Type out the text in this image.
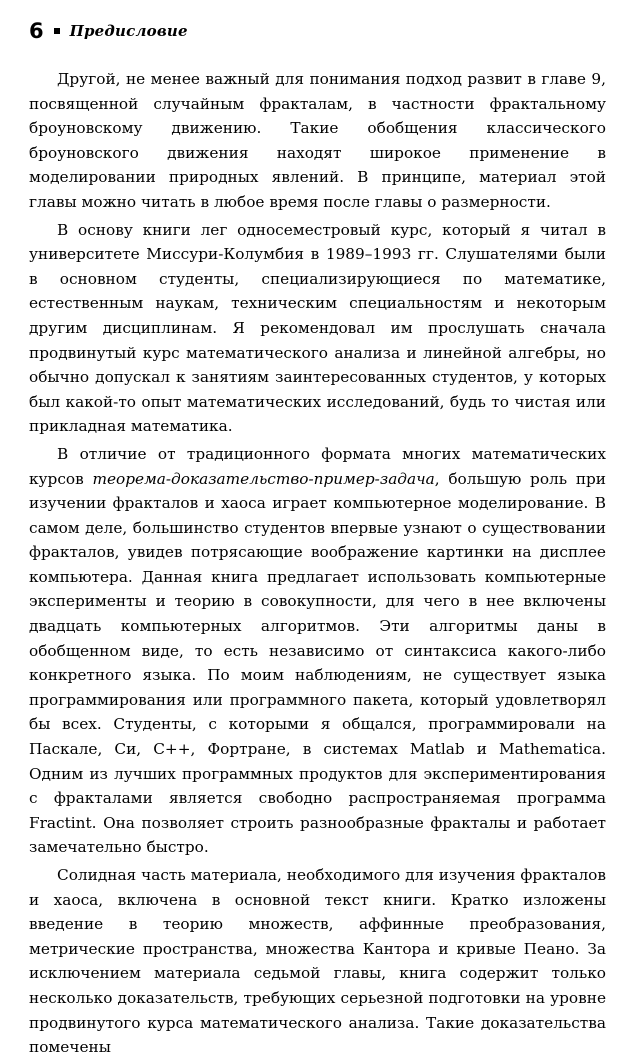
6 Предисловие

Другой, не менее важный для понимания подход развит в главе 9, посвященной случайным фракталам, в частности фрактальному броуновскому движению. Такие обобщения классического броуновского движения находят широкое применение в моделировании природных явлений. В принципе, материал этой главы можно читать в любое время после главы о размерности.

В основу книги лег односеместровый курс, который я читал в университете Миссури-Колумбия в 1989–1993 гг. Слушателями были в основном студенты, специализирующиеся по математике, естественным наукам, техническим специальностям и некоторым другим дисциплинам. Я рекомендовал им прослушать сначала продвинутый курс математического анализа и линейной алгебры, но обычно допускал к занятиям заинтересованных студентов, у которых был какой-то опыт математических исследований, будь то чистая или прикладная математика.

В отличие от традиционного формата многих математических курсов теорема-доказательство-пример-задача, большую роль при изучении фракталов и хаоса играет компьютерное моделирование. В самом деле, большинство студентов впервые узнают о существовании фракталов, увидев потрясающие воображение картинки на дисплее компьютера. Данная книга предлагает использовать компьютерные эксперименты и теорию в совокупности, для чего в нее включены двадцать компьютерных алгоритмов. Эти алгоритмы даны в обобщенном виде, то есть независимо от синтаксиса какого-либо конкретного языка. По моим наблюдениям, не существует языка программирования или программного пакета, который удовлетворял бы всех. Студенты, с которыми я общался, программировали на Паскале, Си, C++, Фортране, в системах Matlab и Mathematica. Одним из лучших программных продуктов для экспериментирования с фракталами является свободно распространяемая программа Fractint. Она позволяет строить разнообразные фракталы и работает замечательно быстро.

Солидная часть материала, необходимого для изучения фракталов и хаоса, включена в основной текст книги. Кратко изложены введение в теорию множеств, аффинные преобразования, метрические пространства, множества Кантора и кривые Пеано. За исключением материала седьмой главы, книга содержит только несколько доказательств, требующих серьезной подготовки на уровне продвинутого курса математического анализа. Такие доказательства помечены
